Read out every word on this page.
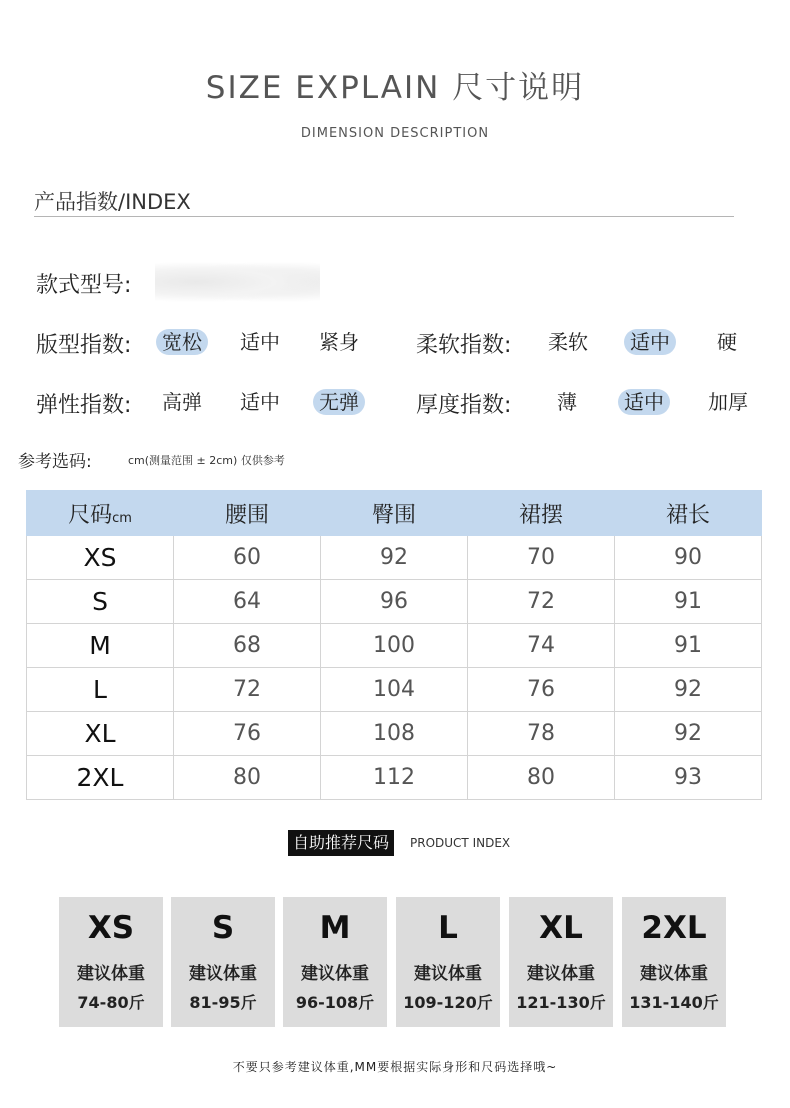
SIZE EXPLAIN 尺寸说明
DIMENSION DESCRIPTION
产品指数/INDEX
款式型号:
版型指数:	宽松	适中	紧身	柔软指数:	柔软	适中	硬
弹性指数:	高弹	适中	无弹	厚度指数:	薄	适中	加厚
参考选码:	cm(测量范围 ± 2cm) 仅供参考
尺码cm	腰围	臀围	裙摆	裙长
XS	60	92	70	90
S	64	96	72	91
M	68	100	74	91
L	72	104	76	92
XL	76	108	78	92
2XL	80	112	80	93
自助推荐尺码	PRODUCT INDEX
XS
建议体重
74-80斤
S
建议体重
81-95斤
M
建议体重
96-108斤
L
建议体重
109-120斤
XL
建议体重
121-130斤
2XL
建议体重
131-140斤
不要只参考建议体重,MM要根据实际身形和尺码选择哦~
